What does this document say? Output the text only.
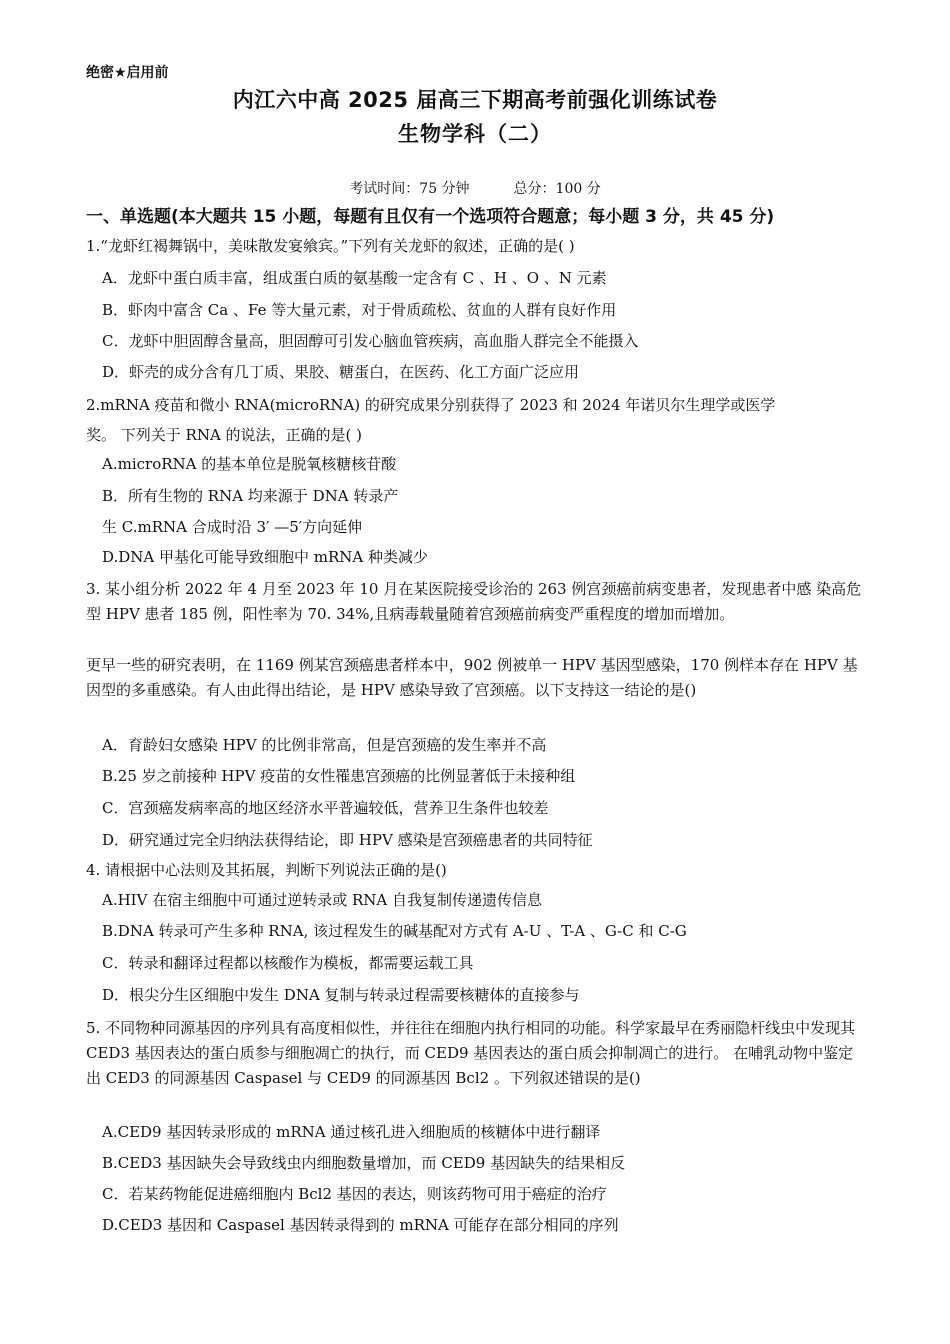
绝密★启用前
内江六中高 2025 届高三下期高考前强化训练试卷
生物学科（二）
考试时间：75 分钟	总分：100 分
一、单选题(本大题共 15 小题，每题有且仅有一个选项符合题意；每小题 3 分，共 45 分)
1.“龙虾红褐舞锅中，美味散发宴飨宾。”下列有关龙虾的叙述，正确的是( )
A．龙虾中蛋白质丰富，组成蛋白质的氨基酸一定含有 C 、H 、O 、N 元素
B．虾肉中富含 Ca 、Fe 等大量元素，对于骨质疏松、贫血的人群有良好作用
C．龙虾中胆固醇含量高，胆固醇可引发心脑血管疾病，高血脂人群完全不能摄入
D．虾壳的成分含有几丁质、果胶、糖蛋白，在医药、化工方面广泛应用
2.mRNA 疫苗和微小 RNA(microRNA) 的研究成果分别获得了 2023 和 2024 年诺贝尔生理学或医学
奖。 下列关于 RNA 的说法，正确的是( )
A.microRNA 的基本单位是脱氧核糖核苷酸
B．所有生物的 RNA 均来源于 DNA 转录产
生 C.mRNA 合成时沿 3′ —5′方向延伸
D.DNA 甲基化可能导致细胞中 mRNA 种类减少
3. 某小组分析 2022 年 4 月至 2023 年 10 月在某医院接受诊治的 263 例宫颈癌前病变患者，发现患者中感 染高危型 HPV 患者 185 例，阳性率为 70. 34%,且病毒载量随着宫颈癌前病变严重程度的增加而增加。
更早一些的研究表明，在 1169 例某宫颈癌患者样本中，902 例被单一 HPV 基因型感染，170 例样本存在 HPV 基因型的多重感染。有人由此得出结论，是 HPV 感染导致了宫颈癌。以下支持这一结论的是()
A．育龄妇女感染 HPV 的比例非常高，但是宫颈癌的发生率并不高
B.25 岁之前接种 HPV 疫苗的女性罹患宫颈癌的比例显著低于未接种组
C．宫颈癌发病率高的地区经济水平普遍较低，营养卫生条件也较差
D．研究通过完全归纳法获得结论，即 HPV 感染是宫颈癌患者的共同特征
4. 请根据中心法则及其拓展，判断下列说法正确的是()
A.HIV 在宿主细胞中可通过逆转录或 RNA 自我复制传递遗传信息
B.DNA 转录可产生多种 RNA, 该过程发生的碱基配对方式有 A-U 、T-A 、G-C 和 C-G
C．转录和翻译过程都以核酸作为模板，都需要运载工具
D．根尖分生区细胞中发生 DNA 复制与转录过程需要核糖体的直接参与
5. 不同物种同源基因的序列具有高度相似性，并往往在细胞内执行相同的功能。科学家最早在秀丽隐杆线虫中发现其 CED3 基因表达的蛋白质参与细胞凋亡的执行，而 CED9 基因表达的蛋白质会抑制凋亡的进行。 在哺乳动物中鉴定出 CED3 的同源基因 Caspasel 与 CED9 的同源基因 Bcl2 。下列叙述错误的是()
A.CED9 基因转录形成的 mRNA 通过核孔进入细胞质的核糖体中进行翻译
B.CED3 基因缺失会导致线虫内细胞数量增加，而 CED9 基因缺失的结果相反
C．若某药物能促进癌细胞内 Bcl2 基因的表达，则该药物可用于癌症的治疗
D.CED3 基因和 Caspasel 基因转录得到的 mRNA 可能存在部分相同的序列
